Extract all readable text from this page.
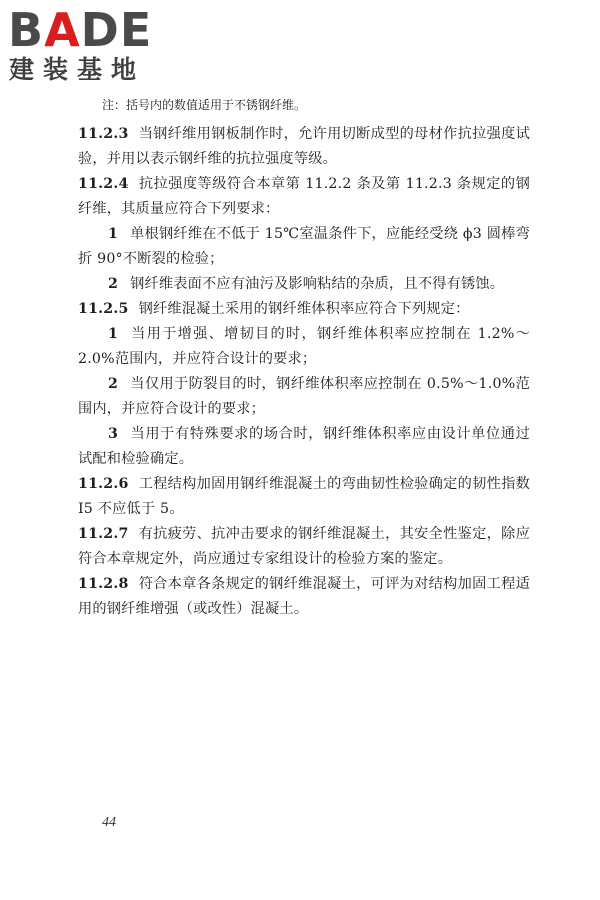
BADE
建装基地

注：括号内的数值适用于不锈钢纤维。

11.2.3 当钢纤维用钢板制作时，允许用切断成型的母材作抗拉强度试验，并用以表示钢纤维的抗拉强度等级。

11.2.4 抗拉强度等级符合本章第 11.2.2 条及第 11.2.3 条规定的钢纤维，其质量应符合下列要求：

1 单根钢纤维在不低于 15℃室温条件下，应能经受绕 ϕ3 圆棒弯折 90°不断裂的检验；

2 钢纤维表面不应有油污及影响粘结的杂质，且不得有锈蚀。

11.2.5 钢纤维混凝土采用的钢纤维体积率应符合下列规定：

1 当用于增强、增韧目的时，钢纤维体积率应控制在 1.2%～2.0%范围内，并应符合设计的要求；

2 当仅用于防裂目的时，钢纤维体积率应控制在 0.5%～1.0%范围内，并应符合设计的要求；

3 当用于有特殊要求的场合时，钢纤维体积率应由设计单位通过试配和检验确定。

11.2.6 工程结构加固用钢纤维混凝土的弯曲韧性检验确定的韧性指数 I5 不应低于 5。

11.2.7 有抗疲劳、抗冲击要求的钢纤维混凝土，其安全性鉴定，除应符合本章规定外，尚应通过专家组设计的检验方案的鉴定。

11.2.8 符合本章各条规定的钢纤维混凝土，可评为对结构加固工程适用的钢纤维增强（或改性）混凝土。

44
